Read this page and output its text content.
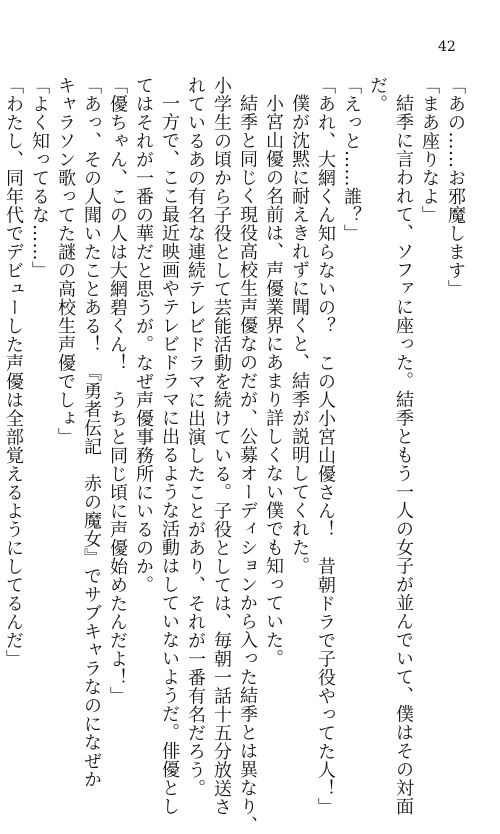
42
「あの……お邪魔します」
「まあ座りなよ」
結季に言われて、ソファに座った。結季ともう一人の女子が並んでいて、僕はその対面
だ。
「えっと……誰？」
「あれ、大網くん知らないの？　この人小宮山優さん！　昔朝ドラで子役やってた人！」
僕が沈黙に耐えきれずに聞くと、結季が説明してくれた。
小宮山優の名前は、声優業界にあまり詳しくない僕でも知っていた。
結季と同じく現役高校生声優なのだが、公募オーディションから入った結季とは異なり、
小学生の頃から子役として芸能活動を続けている。子役としては、毎朝一話十五分放送さ
れているあの有名な連続テレビドラマに出演したことがあり、それが一番有名だろう。
一方で、ここ最近映画やテレビドラマに出るような活動はしていないようだ。俳優とし
てはそれが一番の華だと思うが。なぜ声優事務所にいるのか。
「優ちゃん、この人は大網碧くん！　うちと同じ頃に声優始めたんだよ！」
「あっ、その人聞いたことある！　『勇者伝記　赤の魔女』でサブキャラなのになぜか
キャラソン歌ってた謎の高校生声優でしょ」
「よく知ってるな……」
「わたし、同年代でデビューした声優は全部覚えるようにしてるんだ」
